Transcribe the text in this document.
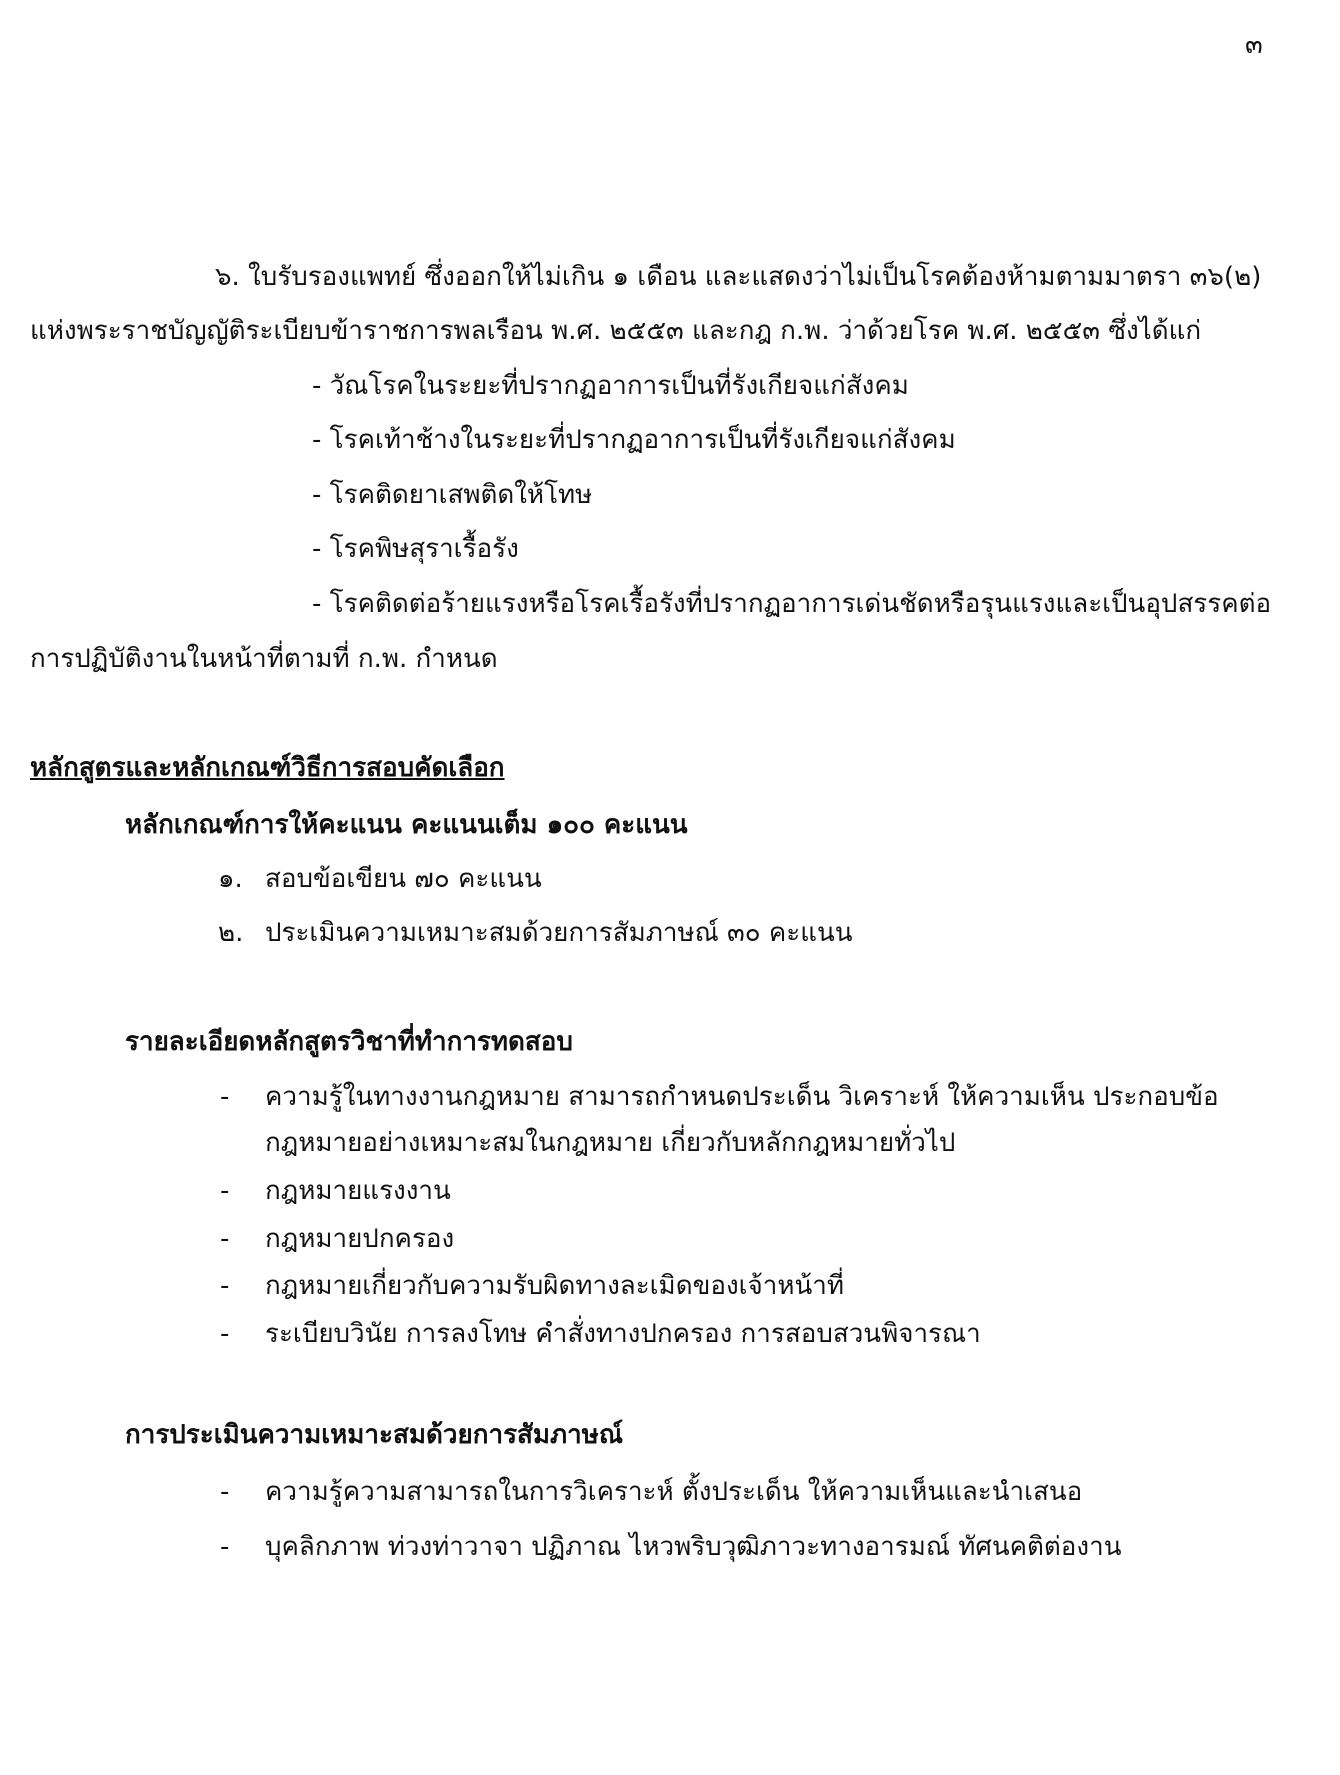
๓
๖. ใบรับรองแพทย์ ซึ่งออกให้ไม่เกิน ๑ เดือน และแสดงว่าไม่เป็นโรคต้องห้ามตามมาตรา ๓๖(๒)
แห่งพระราชบัญญัติระเบียบข้าราชการพลเรือน พ.ศ. ๒๕๕๓ และกฎ ก.พ. ว่าด้วยโรค พ.ศ. ๒๕๕๓ ซึ่งได้แก่
- วัณโรคในระยะที่ปรากฏอาการเป็นที่รังเกียจแก่สังคม
- โรคเท้าช้างในระยะที่ปรากฏอาการเป็นที่รังเกียจแก่สังคม
- โรคติดยาเสพติดให้โทษ
- โรคพิษสุราเรื้อรัง
- โรคติดต่อร้ายแรงหรือโรคเรื้อรังที่ปรากฏอาการเด่นชัดหรือรุนแรงและเป็นอุปสรรคต่อ
การปฏิบัติงานในหน้าที่ตามที่ ก.พ. กำหนด
หลักสูตรและหลักเกณฑ์วิธีการสอบคัดเลือก
หลักเกณฑ์การให้คะแนน คะแนนเต็ม ๑๐๐ คะแนน
๑. สอบข้อเขียน ๗๐ คะแนน
๒. ประเมินความเหมาะสมด้วยการสัมภาษณ์ ๓๐ คะแนน
รายละเอียดหลักสูตรวิชาที่ทำการทดสอบ
- ความรู้ในทางงานกฎหมาย สามารถกำหนดประเด็น วิเคราะห์ ให้ความเห็น ประกอบข้อ
กฎหมายอย่างเหมาะสมในกฎหมาย เกี่ยวกับหลักกฎหมายทั่วไป
- กฎหมายแรงงาน
- กฎหมายปกครอง
- กฎหมายเกี่ยวกับความรับผิดทางละเมิดของเจ้าหน้าที่
- ระเบียบวินัย การลงโทษ คำสั่งทางปกครอง การสอบสวนพิจารณา
การประเมินความเหมาะสมด้วยการสัมภาษณ์
- ความรู้ความสามารถในการวิเคราะห์ ตั้งประเด็น ให้ความเห็นและนำเสนอ
- บุคลิกภาพ ท่วงท่าวาจา ปฏิภาณ ไหวพริบวุฒิภาวะทางอารมณ์ ทัศนคติต่องาน
